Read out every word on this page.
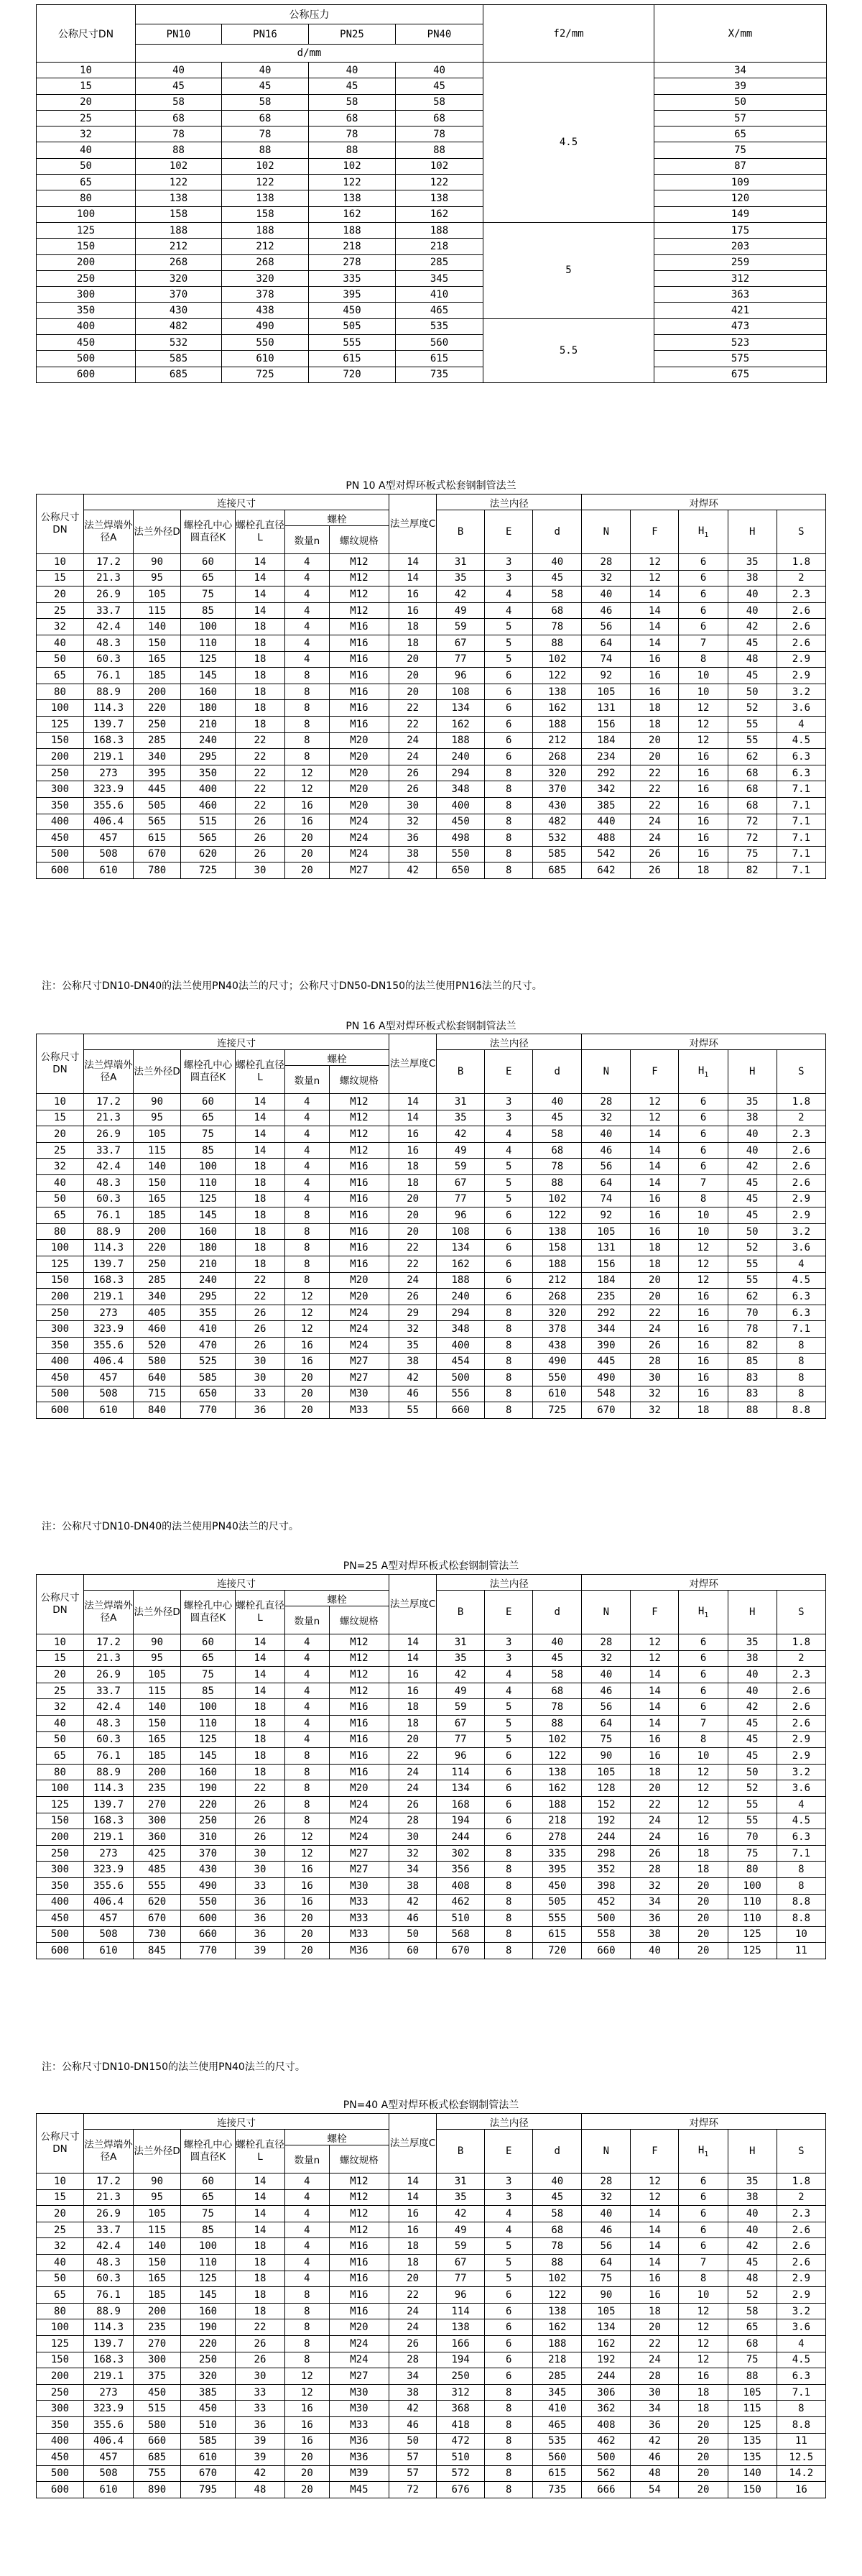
公称尺寸DN	公称压力				f2/mm	X/mm
	PN10	PN16	PN25	PN40		
	d/mm					
10	40	40	40	40	4.5	34
15	45	45	45	45		39
20	58	58	58	58		50
25	68	68	68	68		57
32	78	78	78	78		65
40	88	88	88	88		75
50	102	102	102	102		87
65	122	122	122	122		109
80	138	138	138	138		120
100	158	158	162	162		149
125	188	188	188	188	5	175
150	212	212	218	218		203
200	268	268	278	285		259
250	320	320	335	345		312
300	370	378	395	410		363
350	430	438	450	465		421
400	482	490	505	535	5.5	473
450	532	550	555	560		523
500	585	610	615	615		575
600	685	725	720	735		675
PN 10 A型对焊环板式松套钢制管法兰
公称尺寸DN	连接尺寸						法兰厚度C	法兰内径			对焊环				
	法兰焊端外径A	法兰外径D	螺栓孔中心圆直径K	螺栓孔直径L	螺栓			B	E	d	N	F	$H_1$	H	S
					数量n	螺纹规格									
10	17.2	90	60	14	4	M12	14	31	3	40	28	12	6	35	1.8
15	21.3	95	65	14	4	M12	14	35	3	45	32	12	6	38	2
20	26.9	105	75	14	4	M12	16	42	4	58	40	14	6	40	2.3
25	33.7	115	85	14	4	M12	16	49	4	68	46	14	6	40	2.6
32	42.4	140	100	18	4	M16	18	59	5	78	56	14	6	42	2.6
40	48.3	150	110	18	4	M16	18	67	5	88	64	14	7	45	2.6
50	60.3	165	125	18	4	M16	20	77	5	102	74	16	8	48	2.9
65	76.1	185	145	18	8	M16	20	96	6	122	92	16	10	45	2.9
80	88.9	200	160	18	8	M16	20	108	6	138	105	16	10	50	3.2
100	114.3	220	180	18	8	M16	22	134	6	162	131	18	12	52	3.6
125	139.7	250	210	18	8	M16	22	162	6	188	156	18	12	55	4
150	168.3	285	240	22	8	M20	24	188	6	212	184	20	12	55	4.5
200	219.1	340	295	22	8	M20	24	240	6	268	234	20	16	62	6.3
250	273	395	350	22	12	M20	26	294	8	320	292	22	16	68	6.3
300	323.9	445	400	22	12	M20	26	348	8	370	342	22	16	68	7.1
350	355.6	505	460	22	16	M20	30	400	8	430	385	22	16	68	7.1
400	406.4	565	515	26	16	M24	32	450	8	482	440	24	16	72	7.1
450	457	615	565	26	20	M24	36	498	8	532	488	24	16	72	7.1
500	508	670	620	26	20	M24	38	550	8	585	542	26	16	75	7.1
600	610	780	725	30	20	M27	42	650	8	685	642	26	18	82	7.1
注：公称尺寸DN10-DN40的法兰使用PN40法兰的尺寸；公称尺寸DN50-DN150的法兰使用PN16法兰的尺寸。
PN 16 A型对焊环板式松套钢制管法兰
公称尺寸DN	连接尺寸						法兰厚度C	法兰内径			对焊环				
	法兰焊端外径A	法兰外径D	螺栓孔中心圆直径K	螺栓孔直径L	螺栓			B	E	d	N	F	$H_1$	H	S
					数量n	螺纹规格									
10	17.2	90	60	14	4	M12	14	31	3	40	28	12	6	35	1.8
15	21.3	95	65	14	4	M12	14	35	3	45	32	12	6	38	2
20	26.9	105	75	14	4	M12	16	42	4	58	40	14	6	40	2.3
25	33.7	115	85	14	4	M12	16	49	4	68	46	14	6	40	2.6
32	42.4	140	100	18	4	M16	18	59	5	78	56	14	6	42	2.6
40	48.3	150	110	18	4	M16	18	67	5	88	64	14	7	45	2.6
50	60.3	165	125	18	4	M16	20	77	5	102	74	16	8	45	2.9
65	76.1	185	145	18	8	M16	20	96	6	122	92	16	10	45	2.9
80	88.9	200	160	18	8	M16	20	108	6	138	105	16	10	50	3.2
100	114.3	220	180	18	8	M16	22	134	6	158	131	18	12	52	3.6
125	139.7	250	210	18	8	M16	22	162	6	188	156	18	12	55	4
150	168.3	285	240	22	8	M20	24	188	6	212	184	20	12	55	4.5
200	219.1	340	295	22	12	M20	26	240	6	268	235	20	16	62	6.3
250	273	405	355	26	12	M24	29	294	8	320	292	22	16	70	6.3
300	323.9	460	410	26	12	M24	32	348	8	378	344	24	16	78	7.1
350	355.6	520	470	26	16	M24	35	400	8	438	390	26	16	82	8
400	406.4	580	525	30	16	M27	38	454	8	490	445	28	16	85	8
450	457	640	585	30	20	M27	42	500	8	550	490	30	16	83	8
500	508	715	650	33	20	M30	46	556	8	610	548	32	16	83	8
600	610	840	770	36	20	M33	55	660	8	725	670	32	18	88	8.8
注：公称尺寸DN10-DN40的法兰使用PN40法兰的尺寸。
PN=25 A型对焊环板式松套钢制管法兰
公称尺寸DN	连接尺寸						法兰厚度C	法兰内径			对焊环				
	法兰焊端外径A	法兰外径D	螺栓孔中心圆直径K	螺栓孔直径L	螺栓			B	E	d	N	F	$H_1$	H	S
					数量n	螺纹规格									
10	17.2	90	60	14	4	M12	14	31	3	40	28	12	6	35	1.8
15	21.3	95	65	14	4	M12	14	35	3	45	32	12	6	38	2
20	26.9	105	75	14	4	M12	16	42	4	58	40	14	6	40	2.3
25	33.7	115	85	14	4	M12	16	49	4	68	46	14	6	40	2.6
32	42.4	140	100	18	4	M16	18	59	5	78	56	14	6	42	2.6
40	48.3	150	110	18	4	M16	18	67	5	88	64	14	7	45	2.6
50	60.3	165	125	18	4	M16	20	77	5	102	75	16	8	45	2.9
65	76.1	185	145	18	8	M16	22	96	6	122	90	16	10	45	2.9
80	88.9	200	160	18	8	M16	24	114	6	138	105	18	12	50	3.2
100	114.3	235	190	22	8	M20	24	134	6	162	128	20	12	52	3.6
125	139.7	270	220	26	8	M24	26	168	6	188	152	22	12	55	4
150	168.3	300	250	26	8	M24	28	194	6	218	192	24	12	55	4.5
200	219.1	360	310	26	12	M24	30	244	6	278	244	24	16	70	6.3
250	273	425	370	30	12	M27	32	302	8	335	298	26	18	75	7.1
300	323.9	485	430	30	16	M27	34	356	8	395	352	28	18	80	8
350	355.6	555	490	33	16	M30	38	408	8	450	398	32	20	100	8
400	406.4	620	550	36	16	M33	42	462	8	505	452	34	20	110	8.8
450	457	670	600	36	20	M33	46	510	8	555	500	36	20	110	8.8
500	508	730	660	36	20	M33	50	568	8	615	558	38	20	125	10
600	610	845	770	39	20	M36	60	670	8	720	660	40	20	125	11
注：公称尺寸DN10-DN150的法兰使用PN40法兰的尺寸。
PN=40 A型对焊环板式松套钢制管法兰
公称尺寸DN	连接尺寸						法兰厚度C	法兰内径			对焊环				
	法兰焊端外径A	法兰外径D	螺栓孔中心圆直径K	螺栓孔直径L	螺栓			B	E	d	N	F	$H_1$	H	S
					数量n	螺纹规格									
10	17.2	90	60	14	4	M12	14	31	3	40	28	12	6	35	1.8
15	21.3	95	65	14	4	M12	14	35	3	45	32	12	6	38	2
20	26.9	105	75	14	4	M12	16	42	4	58	40	14	6	40	2.3
25	33.7	115	85	14	4	M12	16	49	4	68	46	14	6	40	2.6
32	42.4	140	100	18	4	M16	18	59	5	78	56	14	6	42	2.6
40	48.3	150	110	18	4	M16	18	67	5	88	64	14	7	45	2.6
50	60.3	165	125	18	4	M16	20	77	5	102	75	16	8	48	2.9
65	76.1	185	145	18	8	M16	22	96	6	122	90	16	10	52	2.9
80	88.9	200	160	18	8	M16	24	114	6	138	105	18	12	58	3.2
100	114.3	235	190	22	8	M20	24	138	6	162	134	20	12	65	3.6
125	139.7	270	220	26	8	M24	26	166	6	188	162	22	12	68	4
150	168.3	300	250	26	8	M24	28	194	6	218	192	24	12	75	4.5
200	219.1	375	320	30	12	M27	34	250	6	285	244	28	16	88	6.3
250	273	450	385	33	12	M30	38	312	8	345	306	30	18	105	7.1
300	323.9	515	450	33	16	M30	42	368	8	410	362	34	18	115	8
350	355.6	580	510	36	16	M33	46	418	8	465	408	36	20	125	8.8
400	406.4	660	585	39	16	M36	50	472	8	535	462	42	20	135	11
450	457	685	610	39	20	M36	57	510	8	560	500	46	20	135	12.5
500	508	755	670	42	20	M39	57	572	8	615	562	48	20	140	14.2
600	610	890	795	48	20	M45	72	676	8	735	666	54	20	150	16
